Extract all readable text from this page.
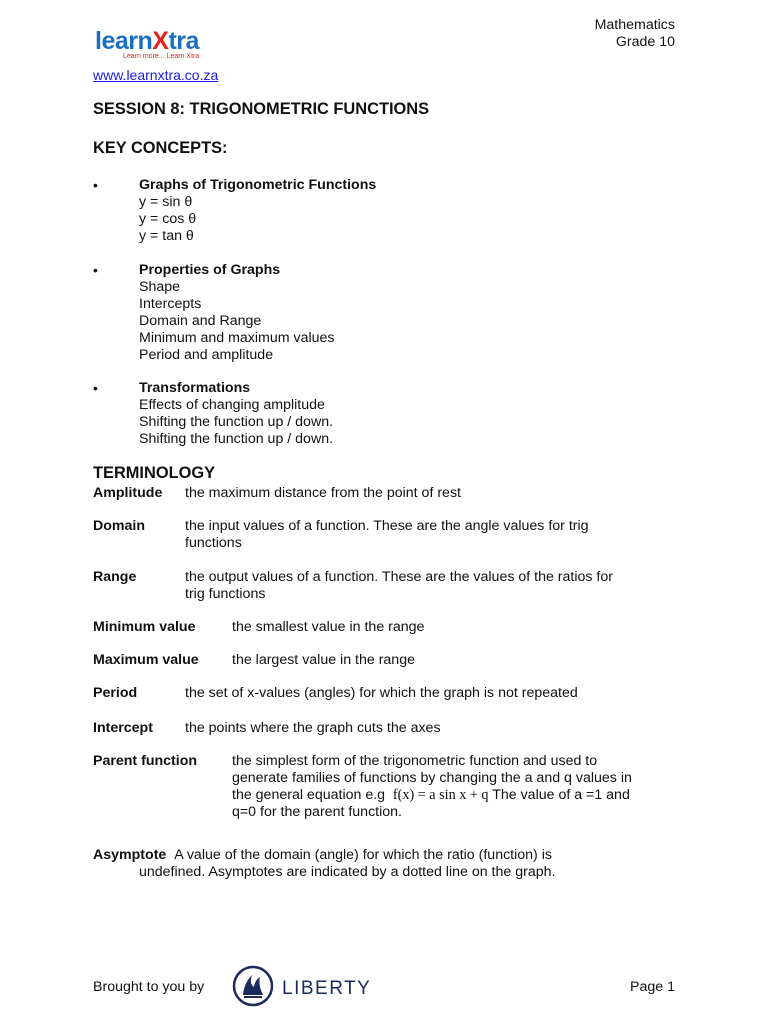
learnXtra
Learn more... Learn Xtra
Mathematics
Grade 10
www.learnxtra.co.za
SESSION 8: TRIGONOMETRIC FUNCTIONS
KEY CONCEPTS:
•	Graphs of Trigonometric Functions
y = sin θ
y = cos θ
y = tan θ
•	Properties of Graphs
Shape
Intercepts
Domain and Range
Minimum and maximum values
Period and amplitude
•	Transformations
Effects of changing amplitude
Shifting the function up / down.
Shifting the function up / down.
TERMINOLOGY
Amplitude the maximum distance from the point of rest
Domain	the input values of a function. These are the angle values for trig
functions
Range	the output values of a function. These are the values of the ratios for
trig functions
Minimum value	the smallest value in the range
Maximum value the largest value in the range
Period	the set of x-values (angles) for which the graph is not repeated
Intercept the points where the graph cuts the axes
Parent function the simplest form of the trigonometric function and used to
generate families of functions by changing the a and q values in
the general equation e.g  f(x) = a sin x + q The value of a =1 and
q=0 for the parent function.
Asymptote A value of the domain (angle) for which the ratio (function) is
undefined. Asymptotes are indicated by a dotted line on the graph.
Brought to you by	LIBERTY	Page 1
